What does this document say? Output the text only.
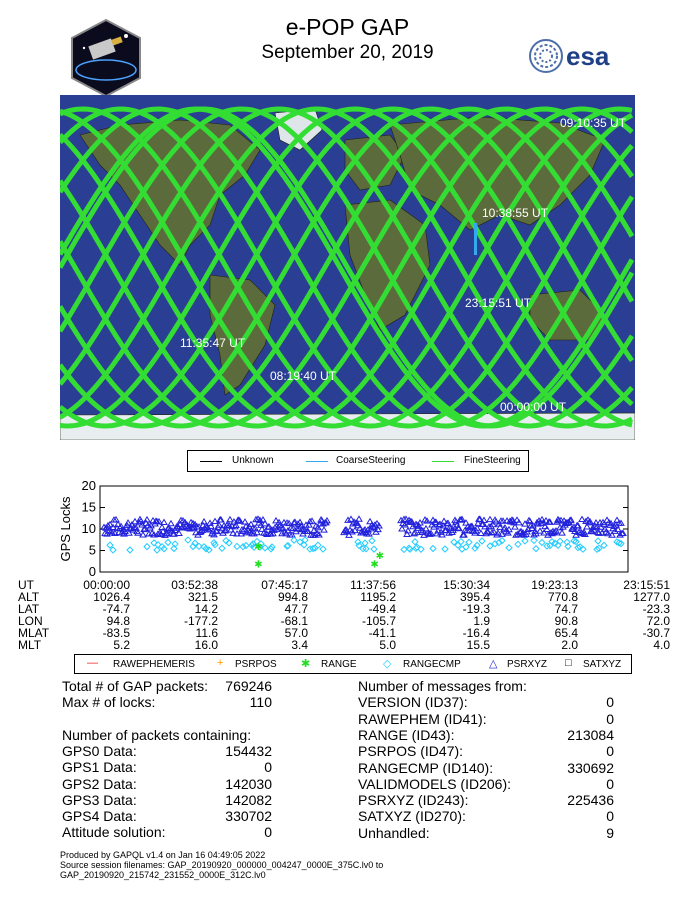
e-POP GAP
September 20, 2019	esa
09:10:35 UT
10:38:55 UT
23:15:51 UT
11:35:47 UT
08:19:40 UT
00:00:00 UT
Unknown	CoarseSteering	FineSteering
0
5
10
15
20
GPS Locks	✱
✱	✱
✱
UT	00:00:00	03:52:38	07:45:17	11:37:56	15:30:34	19:23:13	23:15:51
ALT	1026.4	321.5	994.8	1195.2	395.4	770.8	1277.0
LAT	-74.7	14.2	47.7	-49.4	-19.3	74.7	-23.3
LON	94.8	-177.2	-68.1	-105.7	1.9	90.8	72.0
MLAT	-83.5	11.6	57.0	-41.1	-16.4	65.4	-30.7
MLT	5.2	16.0	3.4	5.0	15.5	2.0	4.0
— RAWEPHEMERIS + PSRPOS ✱ RANGE ◇ RANGECMP	△ PSRXYZ □ SATXYZ
Total # of GAP packets:	769246
Max # of locks:	110
Number of packets containing:
GPS0 Data:	154432
GPS1 Data:	0
GPS2 Data:	142030
GPS3 Data:	142082
GPS4 Data:	330702
Attitude solution:	0
Number of messages from:
VERSION (ID37):	0
RAWEPHEM (ID41):	0
RANGE (ID43):	213084
PSRPOS (ID47):	0
RANGECMP (ID140):	330692
VALIDMODELS (ID206):	0
PSRXYZ (ID243):	225436
SATXYZ (ID270):	0
Unhandled:	9
Produced by GAPQL v1.4 on Jan 16 04:49:05 2022
Source session filenames: GAP_20190920_000000_004247_0000E_375C.lv0 to
GAP_20190920_215742_231552_0000E_312C.lv0
